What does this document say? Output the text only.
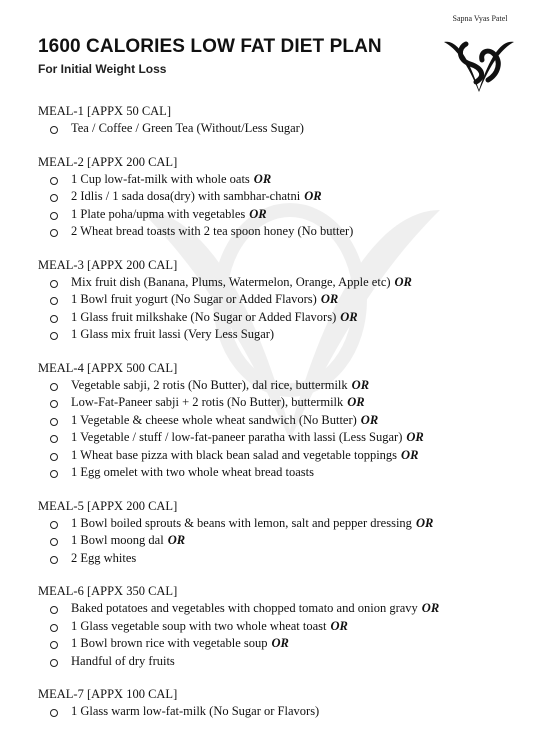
1600 CALORIES LOW FAT DIET PLAN
For Initial Weight Loss
Sapna Vyas Patel
MEAL-1 [APPX 50 CAL]
Tea / Coffee / Green Tea (Without/Less Sugar)
MEAL-2 [APPX 200 CAL]
1 Cup low-fat-milk with whole oats OR
2 Idlis / 1 sada dosa(dry) with sambhar-chatni OR
1 Plate poha/upma with vegetables OR
2 Wheat bread toasts with 2 tea spoon honey (No butter)
MEAL-3 [APPX 200 CAL]
Mix fruit dish (Banana, Plums, Watermelon, Orange, Apple etc) OR
1 Bowl fruit yogurt (No Sugar or Added Flavors) OR
1 Glass fruit milkshake (No Sugar or Added Flavors) OR
1 Glass mix fruit lassi (Very Less Sugar)
MEAL-4 [APPX 500 CAL]
Vegetable sabji, 2 rotis (No Butter), dal rice, buttermilk OR
Low-Fat-Paneer sabji + 2 rotis (No Butter), buttermilk OR
1 Vegetable & cheese whole wheat sandwich (No Butter) OR
1 Vegetable / stuff / low-fat-paneer paratha with lassi (Less Sugar) OR
1 Wheat base pizza with black bean salad and vegetable toppings OR
1 Egg omelet with two whole wheat bread toasts
MEAL-5 [APPX 200 CAL]
1 Bowl boiled sprouts & beans with lemon, salt and pepper dressing OR
1 Bowl moong dal OR
2 Egg whites
MEAL-6 [APPX 350 CAL]
Baked potatoes and vegetables with chopped tomato and onion gravy OR
1 Glass vegetable soup with two whole wheat toast OR
1 Bowl brown rice with vegetable soup OR
Handful of dry fruits
MEAL-7 [APPX 100 CAL]
1 Glass warm low-fat-milk (No Sugar or Flavors)
